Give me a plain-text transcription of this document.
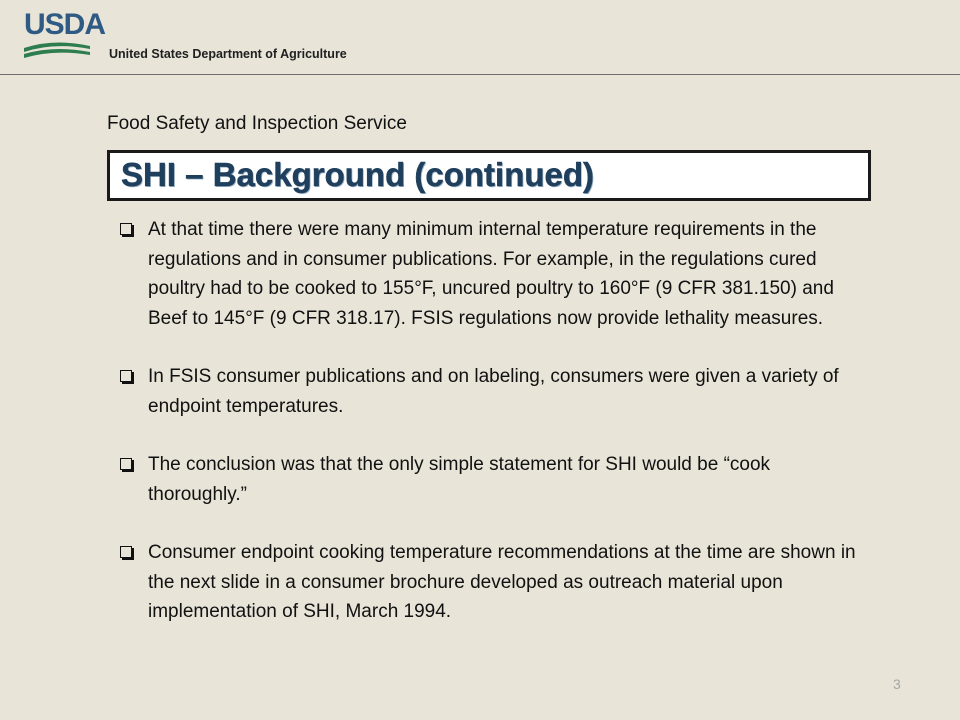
USDA
United States Department of Agriculture
Food Safety and Inspection Service
SHI – Background (continued)
At that time there were many minimum internal temperature requirements in the regulations and in consumer publications. For example, in the regulations cured poultry had to be cooked to 155°F, uncured poultry to 160°F (9 CFR 381.150) and Beef to 145°F (9 CFR 318.17). FSIS regulations now provide lethality measures.
In FSIS consumer publications and on labeling, consumers were given a variety of endpoint temperatures.
The conclusion was that the only simple statement for SHI would be “cook thoroughly.”
Consumer endpoint cooking temperature recommendations at the time are shown in the next slide in a consumer brochure developed as outreach material upon implementation of SHI, March 1994.
3
